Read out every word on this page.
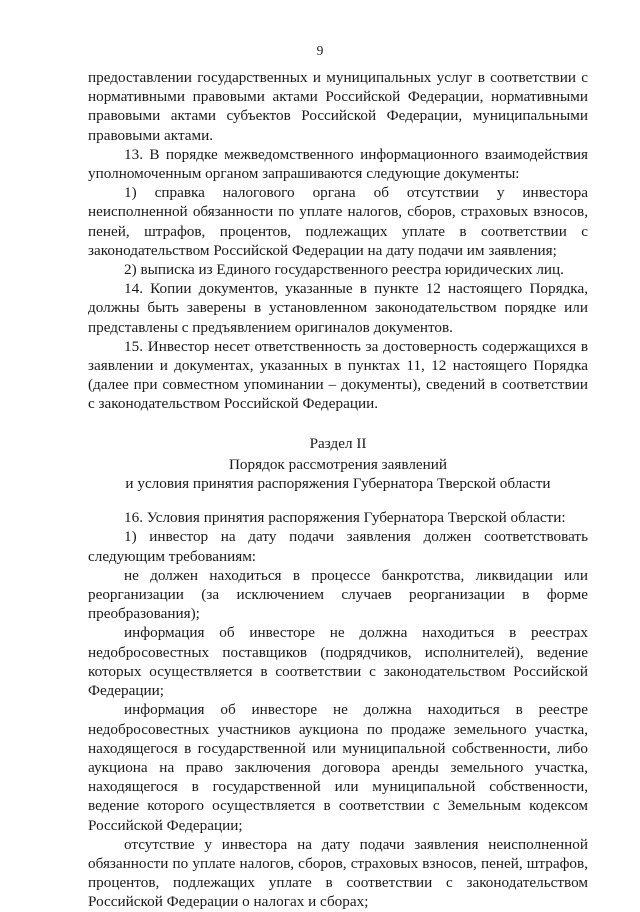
9

предоставлении государственных и муниципальных услуг в соответствии с нормативными правовыми актами Российской Федерации, нормативными правовыми актами субъектов Российской Федерации, муниципальными правовыми актами.

13. В порядке межведомственного информационного взаимодействия уполномоченным органом запрашиваются следующие документы:

1) справка налогового органа об отсутствии у инвестора неисполненной обязанности по уплате налогов, сборов, страховых взносов, пеней, штрафов, процентов, подлежащих уплате в соответствии с законодательством Российской Федерации на дату подачи им заявления;

2) выписка из Единого государственного реестра юридических лиц.

14. Копии документов, указанные в пункте 12 настоящего Порядка, должны быть заверены в установленном законодательством порядке или представлены с предъявлением оригиналов документов.

15. Инвестор несет ответственность за достоверность содержащихся в заявлении и документах, указанных в пунктах 11, 12 настоящего Порядка (далее при совместном упоминании – документы), сведений в соответствии с законодательством Российской Федерации.

Раздел II
Порядок рассмотрения заявлений
и условия принятия распоряжения Губернатора Тверской области

16. Условия принятия распоряжения Губернатора Тверской области:

1) инвестор на дату подачи заявления должен соответствовать следующим требованиям:

не должен находиться в процессе банкротства, ликвидации или реорганизации (за исключением случаев реорганизации в форме преобразования);

информация об инвесторе не должна находиться в реестрах недобросовестных поставщиков (подрядчиков, исполнителей), ведение которых осуществляется в соответствии с законодательством Российской Федерации;

информация об инвесторе не должна находиться в реестре недобросовестных участников аукциона по продаже земельного участка, находящегося в государственной или муниципальной собственности, либо аукциона на право заключения договора аренды земельного участка, находящегося в государственной или муниципальной собственности, ведение которого осуществляется в соответствии с Земельным кодексом Российской Федерации;

отсутствие у инвестора на дату подачи заявления неисполненной обязанности по уплате налогов, сборов, страховых взносов, пеней, штрафов, процентов, подлежащих уплате в соответствии с законодательством Российской Федерации о налогах и сборах;
